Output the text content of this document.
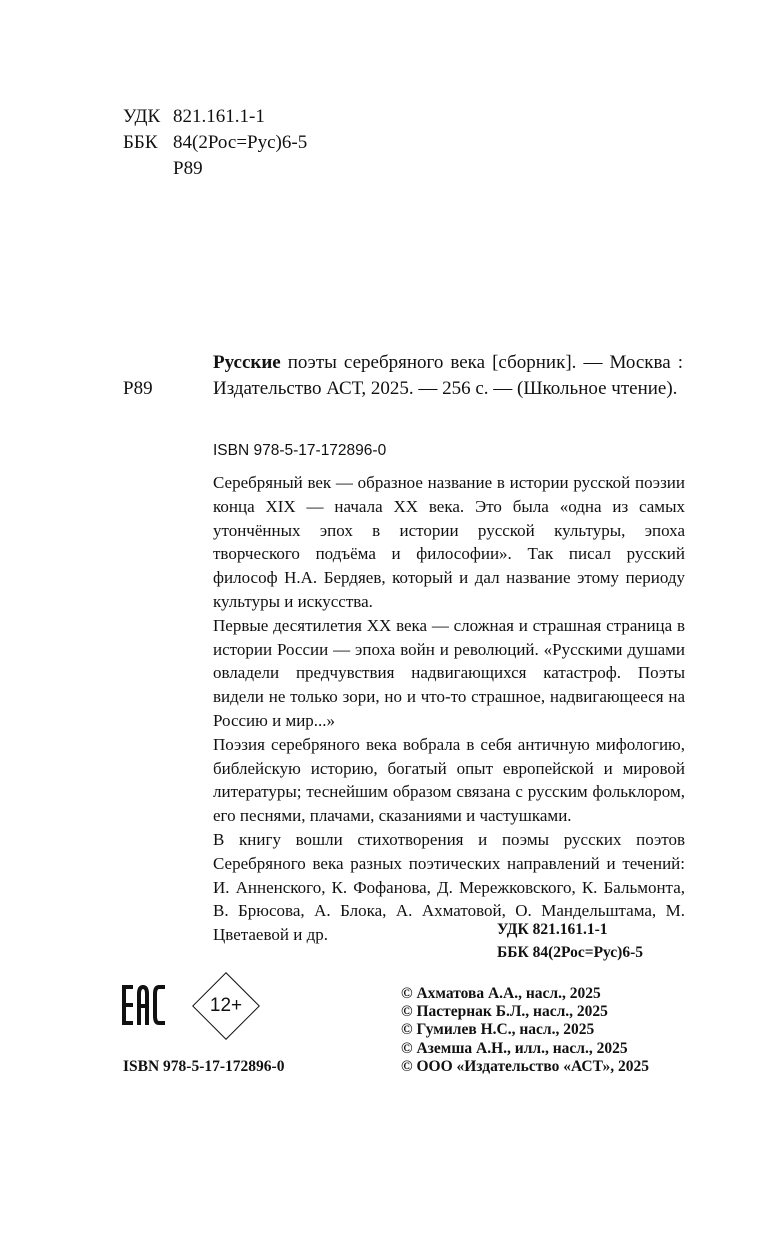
УДК 821.161.1-1
ББК 84(2Рос=Рус)6-5
Р89
Р89
Русские поэты серебряного века [сборник]. — Москва : Издательство АСТ, 2025. — 256 с. — (Школьное чтение).
ISBN 978-5-17-172896-0

Серебряный век — образное название в истории русской поэзии конца XIX — начала XX века. Это была «одна из самых утончённых эпох в истории русской культуры, эпоха творческого подъёма и философии». Так писал русский философ Н.А. Бердяев, который и дал название этому периоду культуры и искусства.

Первые десятилетия XX века — сложная и страшная страница в истории России — эпоха войн и революций. «Русскими душами овладели предчувствия надвигающихся катастроф. Поэты видели не только зори, но и что-то страшное, надвигающееся на Россию и мир...»

Поэзия серебряного века вобрала в себя античную мифологию, библейскую историю, богатый опыт европейской и мировой литературы; теснейшим образом связана с русским фольклором, его песнями, плачами, сказаниями и частушками.

В книгу вошли стихотворения и поэмы русских поэтов Серебряного века разных поэтических направлений и течений: И. Анненского, К. Фофанова, Д. Мережковского, К. Бальмонта, В. Брюсова, А. Блока, А. Ахматовой, О. Мандельштама, М. Цветаевой и др.	УДК 821.161.1-1
ББК 84(2Рос=Рус)6-5
12+
ISBN 978-5-17-172896-0
© Ахматова А.А., насл., 2025
© Пастернак Б.Л., насл., 2025
© Гумилев Н.С., насл., 2025
© Аземша А.Н., илл., насл., 2025
© ООО «Издательство «АСТ», 2025
